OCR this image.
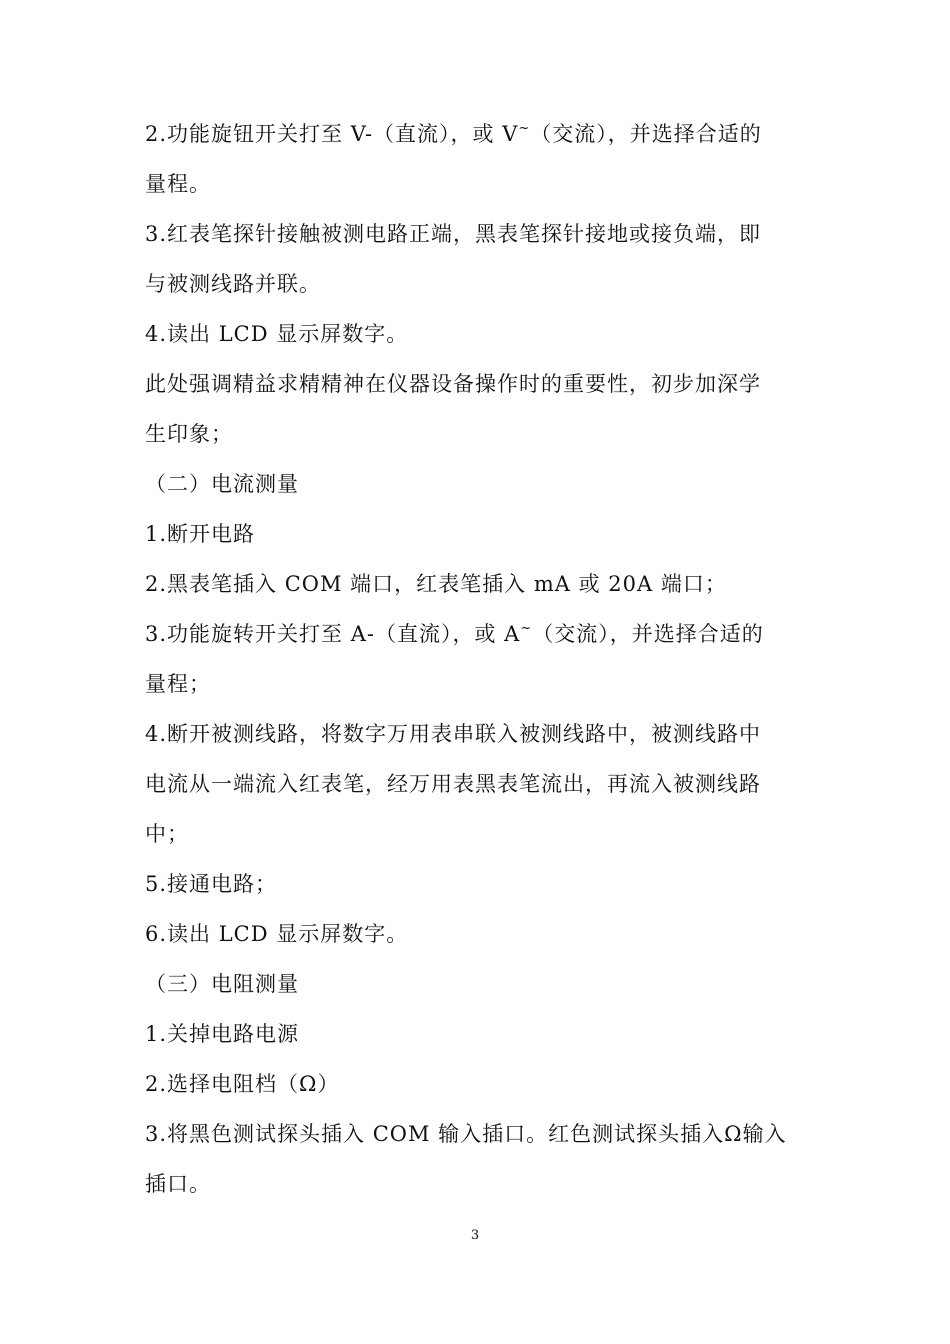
2.功能旋钮开关打至 V-（直流），或 V~（交流），并选择合适的
量程。
3.红表笔探针接触被测电路正端，黑表笔探针接地或接负端，即
与被测线路并联。
4.读出 LCD 显示屏数字。
此处强调精益求精精神在仪器设备操作时的重要性，初步加深学
生印象；
（二）电流测量
1.断开电路
2.黑表笔插入 COM 端口，红表笔插入 mA 或 20A 端口；
3.功能旋转开关打至 A-（直流），或 A~（交流），并选择合适的
量程；
4.断开被测线路，将数字万用表串联入被测线路中，被测线路中
电流从一端流入红表笔，经万用表黑表笔流出，再流入被测线路
中；
5.接通电路；
6.读出 LCD 显示屏数字。
（三）电阻测量
1.关掉电路电源
2.选择电阻档（Ω）
3.将黑色测试探头插入 COM 输入插口。红色测试探头插入Ω输入
插口。
3
